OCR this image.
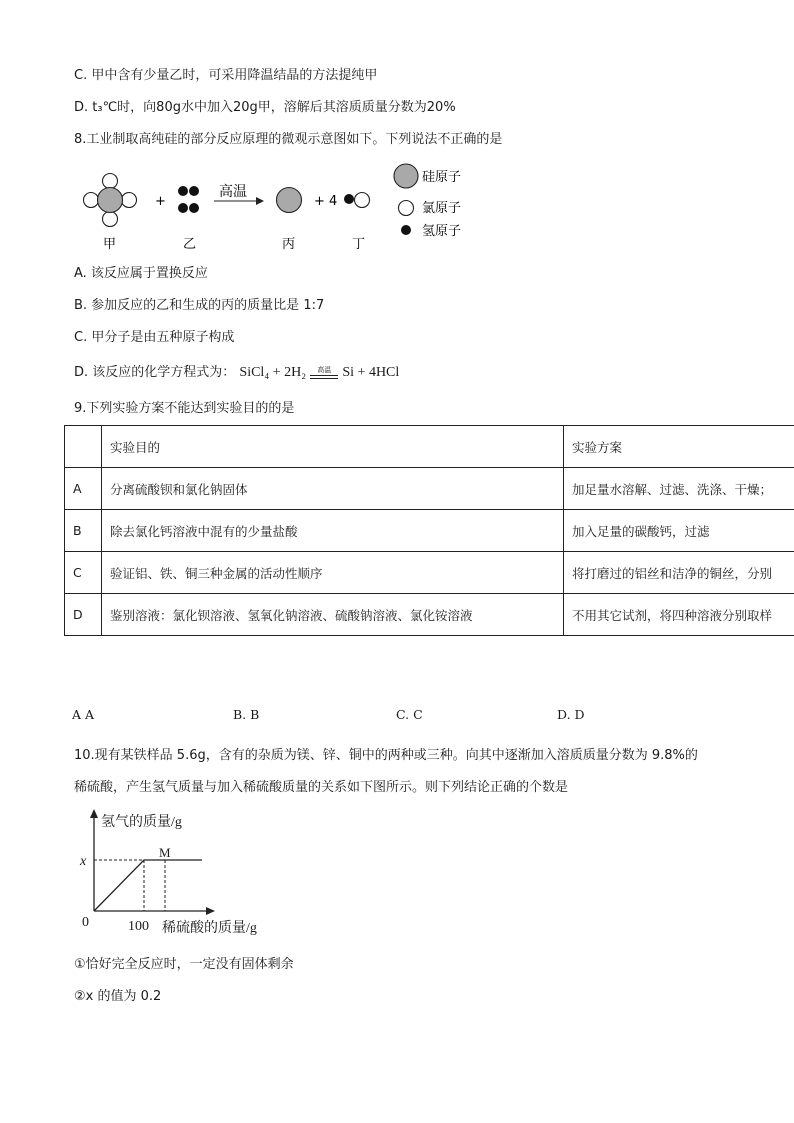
C. 甲中含有少量乙时，可采用降温结晶的方法提纯甲
D. t₃℃时，向80g水中加入20g甲，溶解后其溶质质量分数为20%
8.工业制取高纯硅的部分反应原理的微观示意图如下。下列说法不正确的是
+
高温
+ 4
甲	乙	丙	丁
硅原子
氯原子
氢原子
A. 该反应属于置换反应
B. 参加反应的乙和生成的丙的质量比是 1:7
C. 甲分子是由五种原子构成
D. 该反应的化学方程式为： SiCl₄ + 2H₂	高温 Si + 4HCl
9.下列实验方案不能达到实验目的的是
	实验目的	实验方案
A	分离硫酸钡和氯化钠固体	加足量水溶解、过滤、洗涤、干燥；
B	除去氯化钙溶液中混有的少量盐酸	加入足量的碳酸钙，过滤
C	验证铝、铁、铜三种金属的活动性顺序	将打磨过的铝丝和洁净的铜丝，分别
D	鉴别溶液：氯化钡溶液、氢氧化钠溶液、硫酸钠溶液、氯化铵溶液	不用其它试剂，将四种溶液分别取样
A A	B. B	C. C	D. D
10.现有某铁样品 5.6g，含有的杂质为镁、锌、铜中的两种或三种。向其中逐渐加入溶质质量分数为 9.8%的
稀硫酸，产生氢气质量与加入稀硫酸质量的关系如下图所示。则下列结论正确的个数是
氢气的质量/g
x
M
0	100 稀硫酸的质量/g
①恰好完全反应时，一定没有固体剩余
②x 的值为 0.2
